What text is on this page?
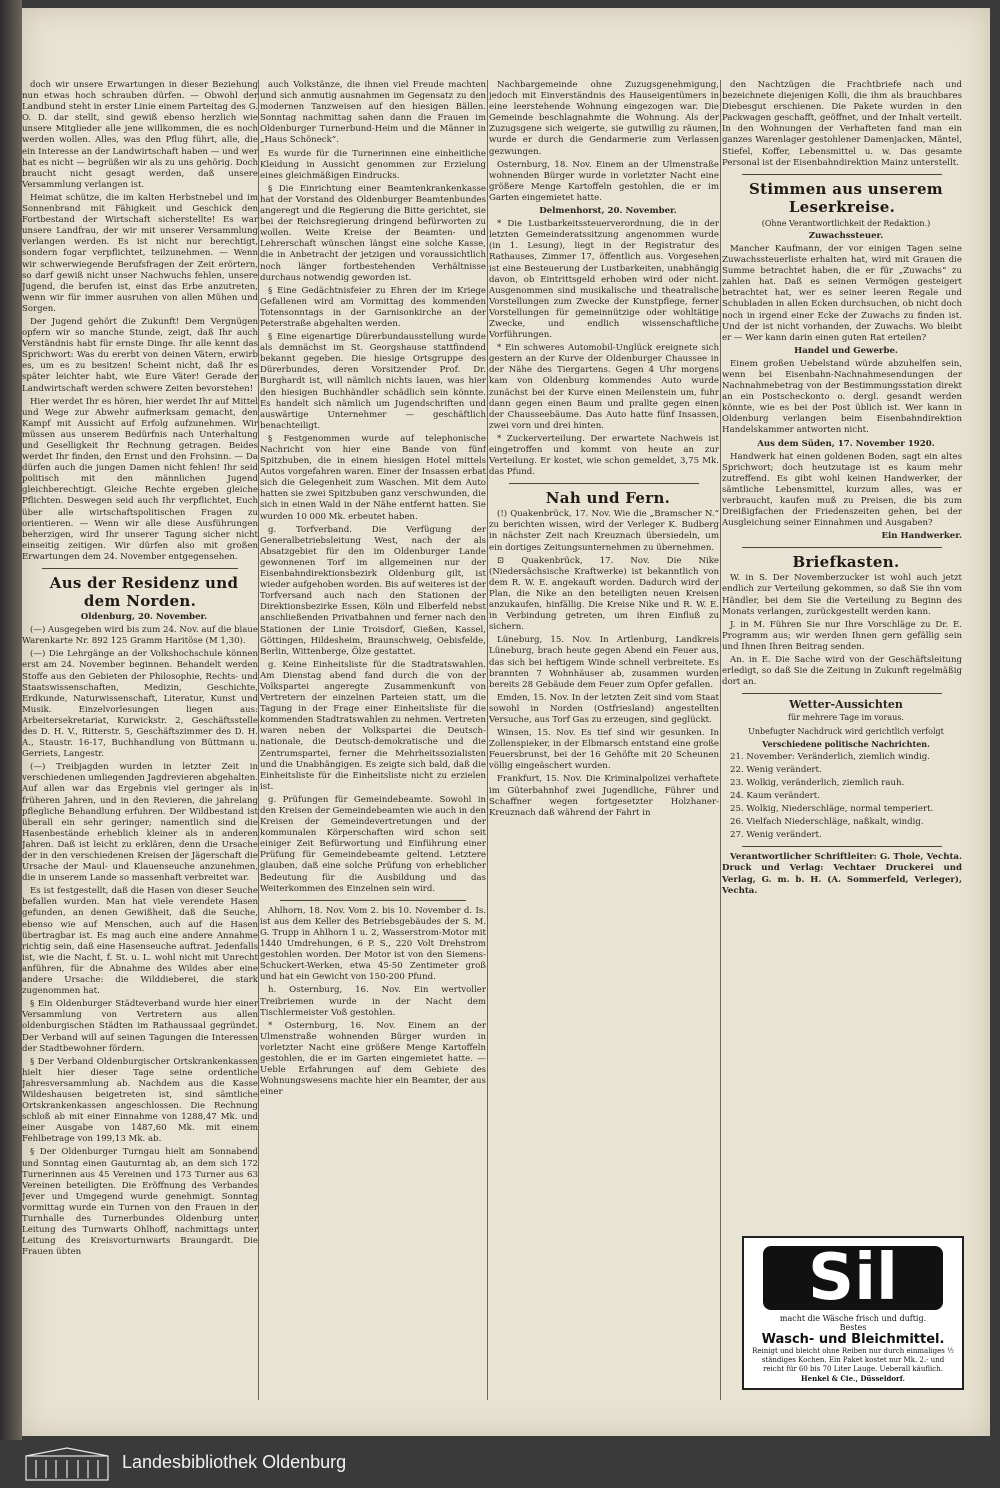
doch wir unsere Erwartungen in dieser Beziehung nun etwas hoch schrauben dürfen. — Obwohl der Landbund steht in erster Linie einem Parteitag des G. O. D. dar stellt, sind gewiß ebenso herzlich wie unsere Mitglieder alle jene willkommen, die es noch werden wollen. Alles, was den Pflug führt, alle, die ein Interesse an der Landwirtschaft haben — und wer hat es nicht — begrüßen wir als zu uns gehörig. Doch braucht nicht gesagt werden, daß unsere Versammlung verlangen ist.

Heimat schütze, die im kalten Herbstnebel und im Sonnenbrand mit Fähigkeit und Geschick den Fortbestand der Wirtschaft sicherstellte! Es war unsere Landfrau, der wir mit unserer Versammlung verlangen werden. Es ist nicht nur berechtigt, sondern fogar verpflichtet, teilzunehmen. — Wenn wir schwerwiegende Berufsfragen der Zeit erörtern, so darf gewiß nicht unser Nachwuchs fehlen, unsere Jugend, die berufen ist, einst das Erbe anzutreten, wenn wir für immer ausruhen von allen Mühen und Sorgen.

Der Jugend gehört die Zukunft! Dem Vergnügen opfern wir so manche Stunde, zeigt, daß Ihr auch Verständnis habt für ernste Dinge. Ihr alle kennt das Sprichwort: Was du ererbt von deinen Vätern, erwirb es, um es zu besitzen! Scheint nicht, daß Ihr es später leichter habt, wie Eure Väter! Gerade der Landwirtschaft werden schwere Zeiten bevorstehen!

Hier werdet Ihr es hören, hier werdet Ihr auf Mittel und Wege zur Abwehr aufmerksam gemacht, den Kampf mit Aussicht auf Erfolg aufzunehmen. Wir müssen aus unserem Bedürfnis nach Unterhaltung und Geselligkeit Ihr Rechnung getragen. Beides werdet Ihr finden, den Ernst und den Frohsinn. — Da dürfen auch die jungen Damen nicht fehlen! Ihr seid politisch mit den männlichen Jugend gleichberechtigt. Gleiche Rechte ergeben gleiche Pflichten. Deswegen seid auch Ihr verpflichtet, Euch über alle wirtschaftspolitischen Fragen zu orientieren. — Wenn wir alle diese Ausführungen beherzigen, wird Ihr unserer Tagung sicher nicht einseitig zeitigen. Wir dürfen also mit großen Erwartungen dem 24. November entgegensehen.

Aus der Residenz und dem Norden.

Oldenburg, 20. November.

(—) Ausgegeben wird bis zum 24. Nov. auf die blaue Warenkarte Nr. 892 125 Gramm Haritöse (M 1,30).

(—) Die Lehrgänge an der Volkshochschule können erst am 24. November beginnen. Behandelt werden Stoffe aus den Gebieten der Philosophie, Rechts- und Staatswissenschaften, Medizin, Geschichte, Erdkunde, Naturwissenschaft, Literatur, Kunst und Musik. Einzelvorlesungen liegen aus: Arbeitersekretariat, Kurwickstr. 2, Geschäftsstelle des D. H. V., Ritterstr. 5, Geschäftszimmer des D. H. A., Staustr. 16-17, Buchhandlung von Büttmann u. Gerriets, Langestr.

(—) Treibjagden wurden in letzter Zeit in verschiedenen umliegenden Jagdrevieren abgehalten. Auf allen war das Ergebnis viel geringer als in früheren Jahren, und in den Revieren, die jahrelang pflegliche Behandlung erfuhren. Der Wildbestand ist überall ein sehr geringer; namentlich sind die Hasenbestände erheblich kleiner als in anderen Jahren. Daß ist leicht zu erklären, denn die Ursache der in den verschiedenen Kreisen der Jägerschaft die Ursache der Maul- und Klauenseuche anzunehmen, die in unserem Lande so massenhaft verbreitet war.

Es ist festgestellt, daß die Hasen von dieser Seuche befallen wurden. Man hat viele verendete Hasen gefunden, an denen Gewißheit, daß die Seuche, ebenso wie auf Menschen, auch auf die Hasen übertragbar ist. Es mag auch eine andere Annahme richtig sein, daß eine Hasenseuche auftrat. Jedenfalls ist, wie die Nacht, f. St. u. L. wohl nicht mit Unrecht anführen, für die Abnahme des Wildes aber eine andere Ursache: die Wilddieberei, die stark zugenommen hat.

§ Ein Oldenburger Städteverband wurde hier einer Versammlung von Vertretern aus allen oldenburgischen Städten im Rathaussaal gegründet. Der Verband will auf seinen Tagungen die Interessen der Stadtbewohner fördern.

§ Der Verband Oldenburgischer Ortskrankenkassen hielt hier dieser Tage seine ordentliche Jahresversammlung ab. Nachdem aus die Kasse Wildeshausen beigetreten ist, sind sämtliche Ortskrankenkassen angeschlossen. Die Rechnung schloß ab mit einer Einnahme von 1288,47 Mk. und einer Ausgabe von 1487,60 Mk. mit einem Fehlbetrage von 199,13 Mk. ab.

§ Der Oldenburger Turngau hielt am Sonnabend und Sonntag einen Gauturntag ab, an dem sich 172 Turnerinnen aus 45 Vereinen und 173 Turner aus 63 Vereinen beteiligten. Die Eröffnung des Verbandes Jever und Umgegend wurde genehmigt. Sonntag vormittag wurde ein Turnen von den Frauen in der Turnhalle des Turnerbundes Oldenburg unter Leitung des Turnwarts Ohlhoff, nachmittags unter Leitung des Kreisvorturnwarts Braungardt. Die Frauen übten

auch Volkstänze, die ihnen viel Freude machten und sich anmutig ausnahmen im Gegensatz zu den modernen Tanzweisen auf den hiesigen Bällen. Sonntag nachmittag sahen dann die Frauen im Oldenburger Turnerbund-Heim und die Männer in „Haus Schöneck“.

Es wurde für die Turnerinnen eine einheitliche Kleidung in Aussicht genommen zur Erzielung eines gleichmäßigen Eindrucks.

§ Die Einrichtung einer Beamtenkrankenkasse hat der Vorstand des Oldenburger Beamtenbundes angeregt und die Regierung die Bitte gerichtet, sie bei der Reichsregierung dringend befürworten zu wollen. Weite Kreise der Beamten- und Lehrerschaft wünschen längst eine solche Kasse, die in Anbetracht der jetzigen und voraussichtlich noch länger fortbestehenden Verhältnisse durchaus notwendig geworden ist.

§ Eine Gedächtnisfeier zu Ehren der im Kriege Gefallenen wird am Vormittag des kommenden Totensonntags in der Garnisonkirche an der Peterstraße abgehalten werden.

§ Eine eigenartige Dürerbundausstellung wurde als demnächst im St. Georgshause stattfindend bekannt gegeben. Die hiesige Ortsgruppe des Dürerbundes, deren Vorsitzender Prof. Dr. Burghardt ist, will nämlich nichts lauen, was hier den hiesigen Buchhändler schädlich sein könnte. Es handelt sich nämlich um Jugendschriften und auswärtige Unternehmer — geschäftlich benachteiligt.

§ Festgenommen wurde auf telephonische Nachricht von hier eine Bande von fünf Spitzbuben, die in einem hiesigen Hotel mittels Autos vorgefahren waren. Einer der Insassen erbat sich die Gelegenheit zum Waschen. Mit dem Auto hatten sie zwei Spitzbuben ganz verschwunden, die sich in einen Wald in der Nähe entfernt hatten. Sie wurden 10 000 Mk. erbeutet haben.

g. Torfverband. Die Verfügung der Generalbetriebsleitung West, nach der als Absatzgebiet für den im Oldenburger Lande gewonnenen Torf im allgemeinen nur der Eisenbahndirektionsbezirk Oldenburg gilt, ist wieder aufgehoben worden. Bis auf weiteres ist der Torfversand auch nach den Stationen der Direktionsbezirke Essen, Köln und Elberfeld nebst anschließenden Privatbahnen und ferner nach den Stationen der Linie Troisdorf, Gießen, Kassel, Göttingen, Hildesheim, Braunschweig, Oebisfelde, Berlin, Wittenberge, Ölze gestattet.

g. Keine Einheitsliste für die Stadtratswahlen. Am Dienstag abend fand durch die von der Volkspartei angeregte Zusammenkunft von Vertretern der einzelnen Parteien statt, um die Tagung in der Frage einer Einheitsliste für die kommenden Stadtratswahlen zu nehmen. Vertreten waren neben der Volkspartei die Deutsch-nationale, die Deutsch-demokratische und die Zentrumspartei, ferner die Mehrheitssozialisten und die Unabhängigen. Es zeigte sich bald, daß die Einheitsliste für die Einheitsliste nicht zu erzielen ist.

g. Prüfungen für Gemeindebeamte. Sowohl in den Kreisen der Gemeindebeamten wie auch in den Kreisen der Gemeindevertretungen und der kommunalen Körperschaften wird schon seit einiger Zeit Befürwortung und Einführung einer Prüfung für Gemeindebeamte geltend. Letztere glauben, daß eine solche Prüfung von erheblicher Bedeutung für die Ausbildung und das Weiterkommen des Einzelnen sein wird.

Ahlhorn, 18. Nov. Vom 2. bis 10. November d. Is. ist aus dem Keller des Betriebsgebäudes der S. M. G. Trupp in Ahlhorn 1 u. 2, Wasserstrom-Motor mit 1440 Umdrehungen, 6 P. S., 220 Volt Drehstrom gestohlen worden. Der Motor ist von den Siemens-Schuckert-Werken, etwa 45-50 Zentimeter groß und hat ein Gewicht von 150-200 Pfund.

h. Osternburg, 16. Nov. Ein wertvoller Treibriemen wurde in der Nacht dem Tischlermeister Voß gestohlen.

* Osternburg, 16. Nov. Einem an der Ulmenstraße wohnenden Bürger wurden in vorletzter Nacht eine größere Menge Kartoffeln gestohlen, die er im Garten eingemietet hatte. — Ueble Erfahrungen auf dem Gebiete des Wohnungswesens machte hier ein Beamter, der aus einer

Nachbargemeinde ohne Zuzugsgenehmigung, jedoch mit Einverständnis des Hauseigentümers in eine leerstehende Wohnung eingezogen war. Die Gemeinde beschlagnahmte die Wohnung. Als der Zuzugsgene sich weigerte, sie gutwillig zu räumen, wurde er durch die Gendarmerie zum Verlassen gezwungen.

Osternburg, 18. Nov. Einem an der Ulmenstraße wohnenden Bürger wurde in vorletzter Nacht eine größere Menge Kartoffeln gestohlen, die er im Garten eingemietet hatte.

Delmenhorst, 20. November.

* Die Lustbarkeitssteuerverordnung, die in der letzten Gemeinderatssitzung angenommen wurde (in 1. Lesung), liegt in der Registratur des Rathauses, Zimmer 17, öffentlich aus. Vorgesehen ist eine Besteuerung der Lustbarkeiten, unabhängig davon, ob Eintrittsgeld erhoben wird oder nicht. Ausgenommen sind musikalische und theatralische Vorstellungen zum Zwecke der Kunstpflege, ferner Vorstellungen für gemeinnützige oder wohltätige Zwecke, und endlich wissenschaftliche Vorführungen.

* Ein schweres Automobil-Unglück ereignete sich gestern an der Kurve der Oldenburger Chaussee in der Nähe des Tiergartens. Gegen 4 Uhr morgens kam von Oldenburg kommendes Auto wurde zunächst bei der Kurve einen Meilenstein um, fuhr dann gegen einen Baum und prallte gegen einen der Chausseebäume. Das Auto hatte fünf Insassen, zwei vorn und drei hinten.

* Zuckerverteilung. Der erwartete Nachweis ist eingetroffen und kommt von heute an zur Verteilung. Er kostet, wie schon gemeldet, 3,75 Mk. das Pfund.

Nah und Fern.

(!) Quakenbrück, 17. Nov. Wie die „Bramscher N.“ zu berichten wissen, wird der Verleger K. Budberg in nächster Zeit nach Kreuznach übersiedeln, um ein dortiges Zeitungsunternehmen zu übernehmen.

⊡ Quakenbrück, 17. Nov. Die Nike (Niedersächsische Kraftwerke) ist bekanntlich von dem R. W. E. angekauft worden. Dadurch wird der Plan, die Nike an den beteiligten neuen Kreisen anzukaufen, hinfällig. Die Kreise Nike und R. W. E. in Verbindung getreten, um ihren Einfluß zu sichern.

Lüneburg, 15. Nov. In Artlenburg, Landkreis Lüneburg, brach heute gegen Abend ein Feuer aus, das sich bei heftigem Winde schnell verbreitete. Es brannten 7 Wohnhäuser ab, zusammen wurden bereits 28 Gebäude dem Feuer zum Opfer gefallen.

Emden, 15. Nov. In der letzten Zeit sind vom Staat sowohl in Norden (Ostfriesland) angestellten Versuche, aus Torf Gas zu erzeugen, sind geglückt.

Winsen, 15. Nov. Es tief sind wir gesunken. In Zollenspieker, in der Elbmarsch entstand eine große Feuersbrunst, bei der 16 Gehöfte mit 20 Scheunen völlig eingeäschert wurden.

Frankfurt, 15. Nov. Die Kriminalpolizei verhaftete im Güterbahnhof zwei Jugendliche, Führer und Schaffner wegen fortgesetzter Holzhaner-Kreuznach daß während der Fahrt in

den Nachtzügen die Frachtbriefe nach und bezeichnete diejenigen Kolli, die ihm als brauchbares Diebesgut erschienen. Die Pakete wurden in den Packwagen geschafft, geöffnet, und der Inhalt verteilt. In den Wohnungen der Verhafteten fand man ein ganzes Warenlager gestohlener Damenjacken, Mäntel, Stiefel, Koffer, Lebensmittel u. w. Das gesamte Personal ist der Eisenbahndirektion Mainz unterstellt.

Stimmen aus unserem Leserkreise.

(Ohne Verantwortlichkeit der Redaktion.)

Zuwachssteuer.

Mancher Kaufmann, der vor einigen Tagen seine Zuwachssteuerliste erhalten hat, wird mit Grauen die Summe betrachtet haben, die er für „Zuwachs“ zu zahlen hat. Daß es seinen Vermögen gesteigert betrachtet hat, wer es seiner leeren Regale und Schubladen in allen Ecken durchsuchen, ob nicht doch noch in irgend einer Ecke der Zuwachs zu finden ist. Und der ist nicht vorhanden, der Zuwachs. Wo bleibt er — Wer kann darin einen guten Rat erteilen?

Handel und Gewerbe.

Einem großen Uebelstand würde abzuhelfen sein, wenn bei Eisenbahn-Nachnahmesendungen der Nachnahmebetrag von der Bestimmungsstation direkt an ein Postscheckonto o. dergl. gesandt werden könnte, wie es bei der Post üblich ist. Wer kann in Oldenburg verlangen beim Eisenbahndirektion Handelskammer antworten nicht.

Aus dem Süden, 17. November 1920.

Handwerk hat einen goldenen Boden, sagt ein altes Sprichwort; doch heutzutage ist es kaum mehr zutreffend. Es gibt wohl keinen Handwerker, der sämtliche Lebensmittel, kurzum alles, was er verbraucht, kaufen muß zu Preisen, die bis zum Dreißigfachen der Friedenszeiten gehen, bei der Ausgleichung seiner Einnahmen und Ausgaben?

Ein Handwerker.

Briefkasten.

W. in S. Der Novemberzucker ist wohl auch jetzt endlich zur Verteilung gekommen, so daß Sie ihn vom Händler, bei dem Sie die Verteilung zu Beginn des Monats verlangen, zurückgestellt werden kann.

J. in M. Führen Sie nur Ihre Vorschläge zu Dr. E. Programm aus; wir werden Ihnen gern gefällig sein und Ihnen Ihren Beitrag senden.

An. in E. Die Sache wird von der Geschäftsleitung erledigt, so daß Sie die Zeitung in Zukunft regelmäßig dort an.

Wetter-Aussichten

für mehrere Tage im voraus.

Unbefugter Nachdruck wird gerichtlich verfolgt

Verschiedene politische Nachrichten.

21. November: Veränderlich, ziemlich windig.

22. Wenig verändert.

23. Wolkig, veränderlich, ziemlich rauh.

24. Kaum verändert.

25. Wolkig, Niederschläge, normal temperiert.

26. Vielfach Niederschläge, naßkalt, windig.

27. Wenig verändert.

Verantwortlicher Schriftleiter: G. Thole, Vechta. Druck und Verlag: Vechtaer Druckerei und Verlag, G. m. b. H. (A. Sommerfeld, Verleger), Vechta.

Sil
macht die Wäsche frisch und duftig.
Bestes
Wasch- und Bleichmittel.
Reinigt und bleicht ohne Reiben nur durch einmaliges ½ ständiges Kochen. Ein Paket kostet nur Mk. 2.- und reicht für 60 bis 70 Liter Lauge. Ueberall käuflich.
Henkel & Cie., Düsseldorf.
Landesbibliothek Oldenburg
